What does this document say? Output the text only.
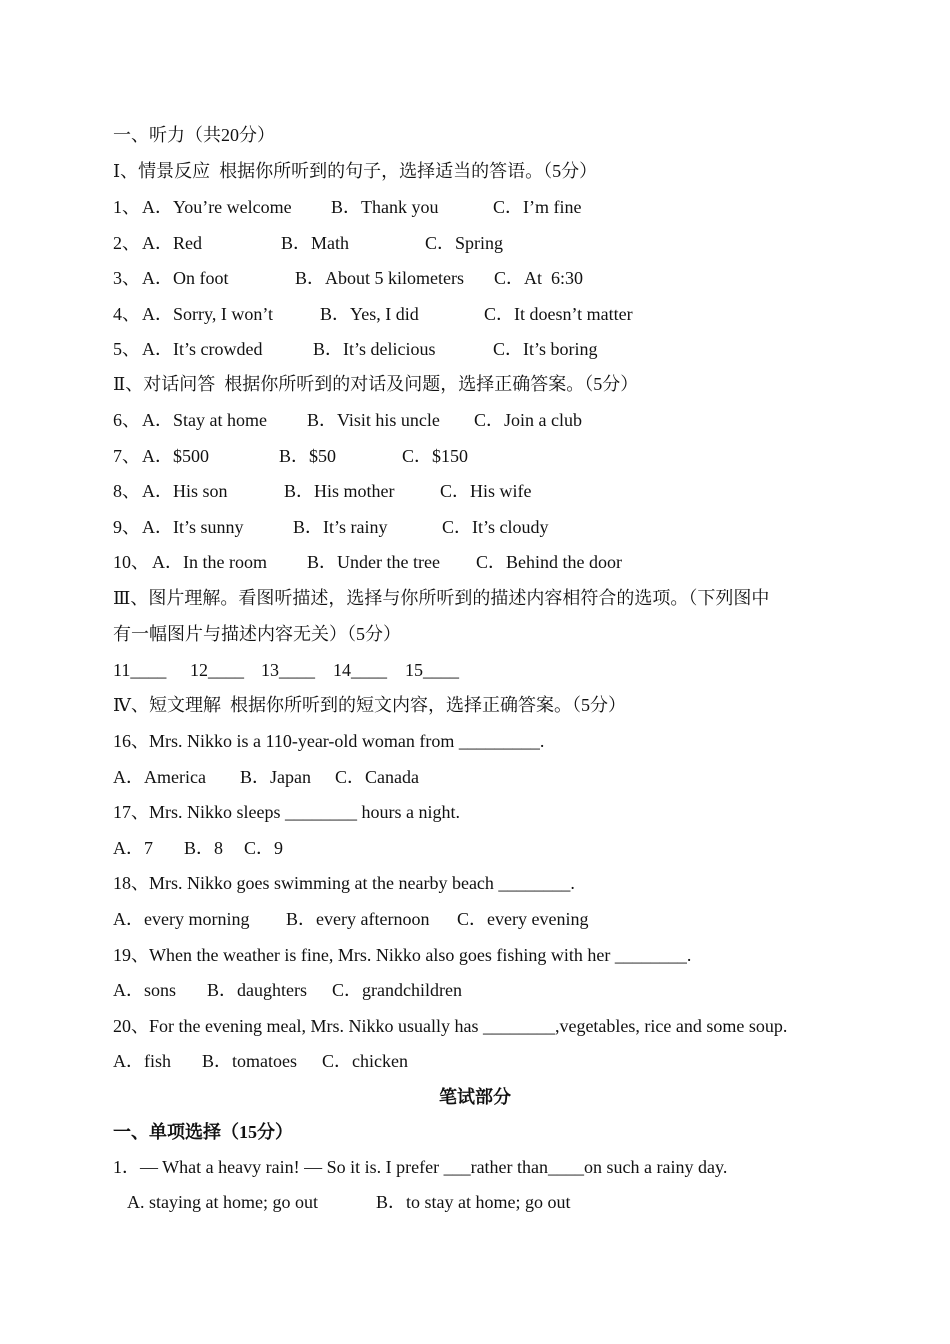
一、听力（共20分）

Ⅰ、情景反应  根据你所听到的句子，选择适当的答语。（5分）

1、

A．You’re welcome

B．Thank you

	C．I’m fine

2、

A．Red

	B．Math

	C．Spring

3、

A．On foot

	B．About 5 kilometers

C．At  6:30

4、

A．Sorry, I won’t

	B．Yes, I did

	C．It doesn’t matter

5、

A．It’s crowded

	B．It’s delicious

	C．It’s boring

Ⅱ、对话问答  根据你所听到的对话及问题，选择正确答案。（5分）

6、

A．Stay at home

B．Visit his uncle

C．Join a club

7、

A．$500

	B．$50

	C．$150

8、

A．His son

	B．His mother

	C．His wife

9、

A．It’s sunny

	B．It’s rainy

	C．It’s cloudy

10、

A．In the room

B．Under the tree

C．Behind the door

Ⅲ、图片理解。看图听描述，选择与你所听到的描述内容相符合的选项。（下列图中

有一幅图片与描述内容无关）（5分）

11____

12____

13____

14____

15____

Ⅳ、短文理解  根据你所听到的短文内容，选择正确答案。（5分）

16、Mrs. Nikko is a 110-year-old woman from _________.

A．America

B．Japan

C．Canada

17、Mrs. Nikko sleeps ________ hours a night.

A．7

B．8

C．9

18、Mrs. Nikko goes swimming at the nearby beach ________.

A．every morning

B．every afternoon

C．every evening

19、When the weather is fine, Mrs. Nikko also goes fishing with her ________.

A．sons

B．daughters

C．grandchildren

20、For the evening meal, Mrs. Nikko usually has ________,vegetables, rice and some soup.

A．fish

B．tomatoes

C．chicken

笔试部分

一、单项选择（15分）

1．— What a heavy rain! — So it is. I prefer ___rather than____on such a rainy day.

A. staying at home; go out

	B．to stay at home; go out
